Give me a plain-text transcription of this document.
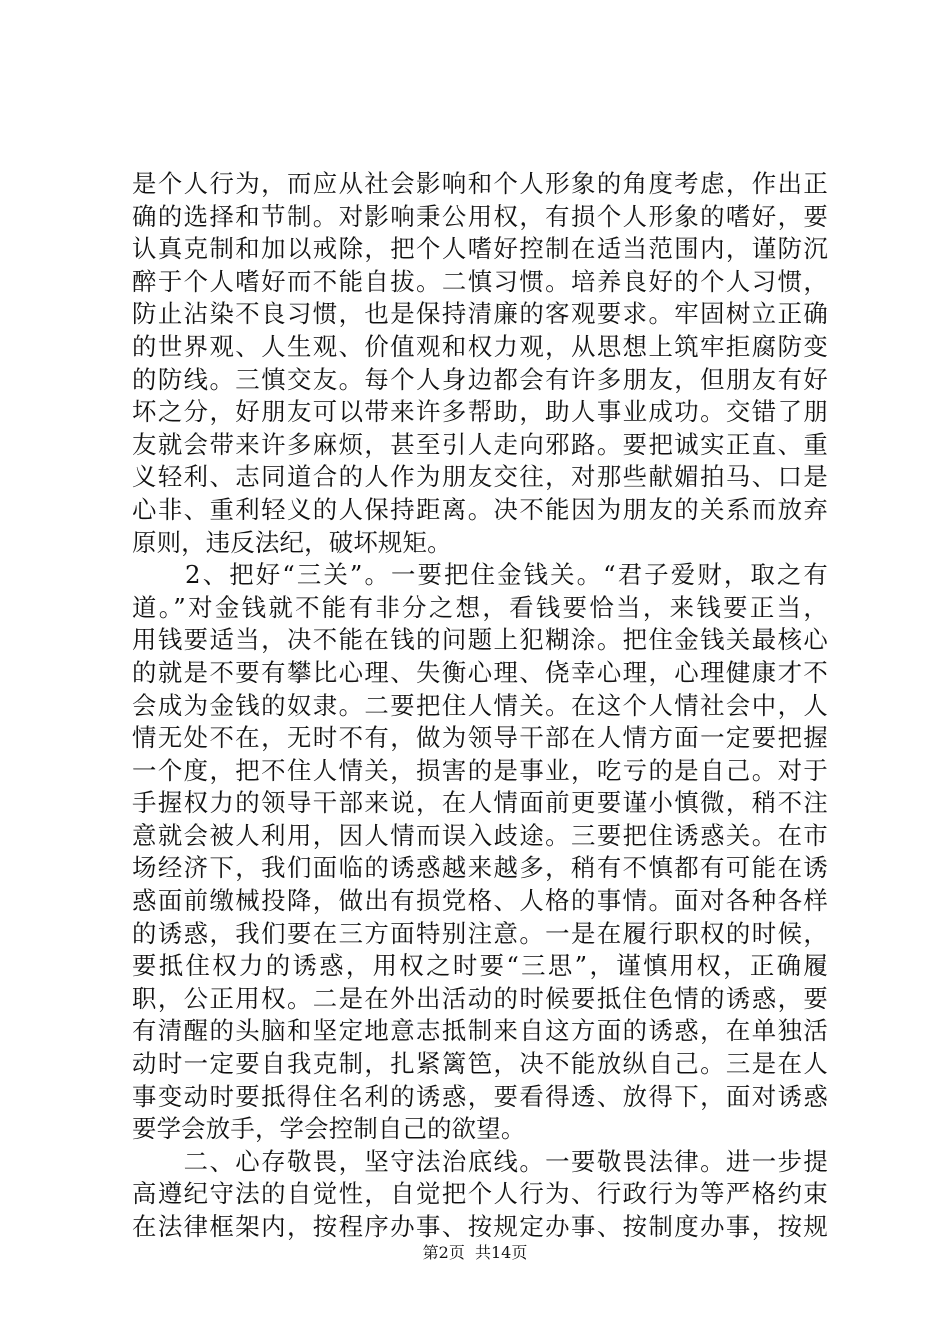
是个人行为，而应从社会影响和个人形象的角度考虑，作出正
确的选择和节制。对影响秉公用权，有损个人形象的嗜好，要
认真克制和加以戒除，把个人嗜好控制在适当范围内，谨防沉
醉于个人嗜好而不能自拔。二慎习惯。培养良好的个人习惯，
防止沾染不良习惯，也是保持清廉的客观要求。牢固树立正确
的世界观、人生观、价值观和权力观，从思想上筑牢拒腐防变
的防线。三慎交友。每个人身边都会有许多朋友，但朋友有好
坏之分，好朋友可以带来许多帮助，助人事业成功。交错了朋
友就会带来许多麻烦，甚至引人走向邪路。要把诚实正直、重
义轻利、志同道合的人作为朋友交往，对那些献媚拍马、口是
心非、重利轻义的人保持距离。决不能因为朋友的关系而放弃
原则，违反法纪，破坏规矩。
　　2、把好“三关”。一要把住金钱关。“君子爱财，取之有
道。”对金钱就不能有非分之想，看钱要恰当，来钱要正当，
用钱要适当，决不能在钱的问题上犯糊涂。把住金钱关最核心
的就是不要有攀比心理、失衡心理、侥幸心理，心理健康才不
会成为金钱的奴隶。二要把住人情关。在这个人情社会中，人
情无处不在，无时不有，做为领导干部在人情方面一定要把握
一个度，把不住人情关，损害的是事业，吃亏的是自己。对于
手握权力的领导干部来说，在人情面前更要谨小慎微，稍不注
意就会被人利用，因人情而误入歧途。三要把住诱惑关。在市
场经济下，我们面临的诱惑越来越多，稍有不慎都有可能在诱
惑面前缴械投降，做出有损党格、人格的事情。面对各种各样
的诱惑，我们要在三方面特别注意。一是在履行职权的时候，
要抵住权力的诱惑，用权之时要“三思”，谨慎用权，正确履
职，公正用权。二是在外出活动的时候要抵住色情的诱惑，要
有清醒的头脑和坚定地意志抵制来自这方面的诱惑，在单独活
动时一定要自我克制，扎紧篱笆，决不能放纵自己。三是在人
事变动时要抵得住名利的诱惑，要看得透、放得下，面对诱惑
要学会放手，学会控制自己的欲望。
　　二、心存敬畏，坚守法治底线。一要敬畏法律。进一步提
高遵纪守法的自觉性，自觉把个人行为、行政行为等严格约束
在法律框架内，按程序办事、按规定办事、按制度办事，按规
第2页  共14页
